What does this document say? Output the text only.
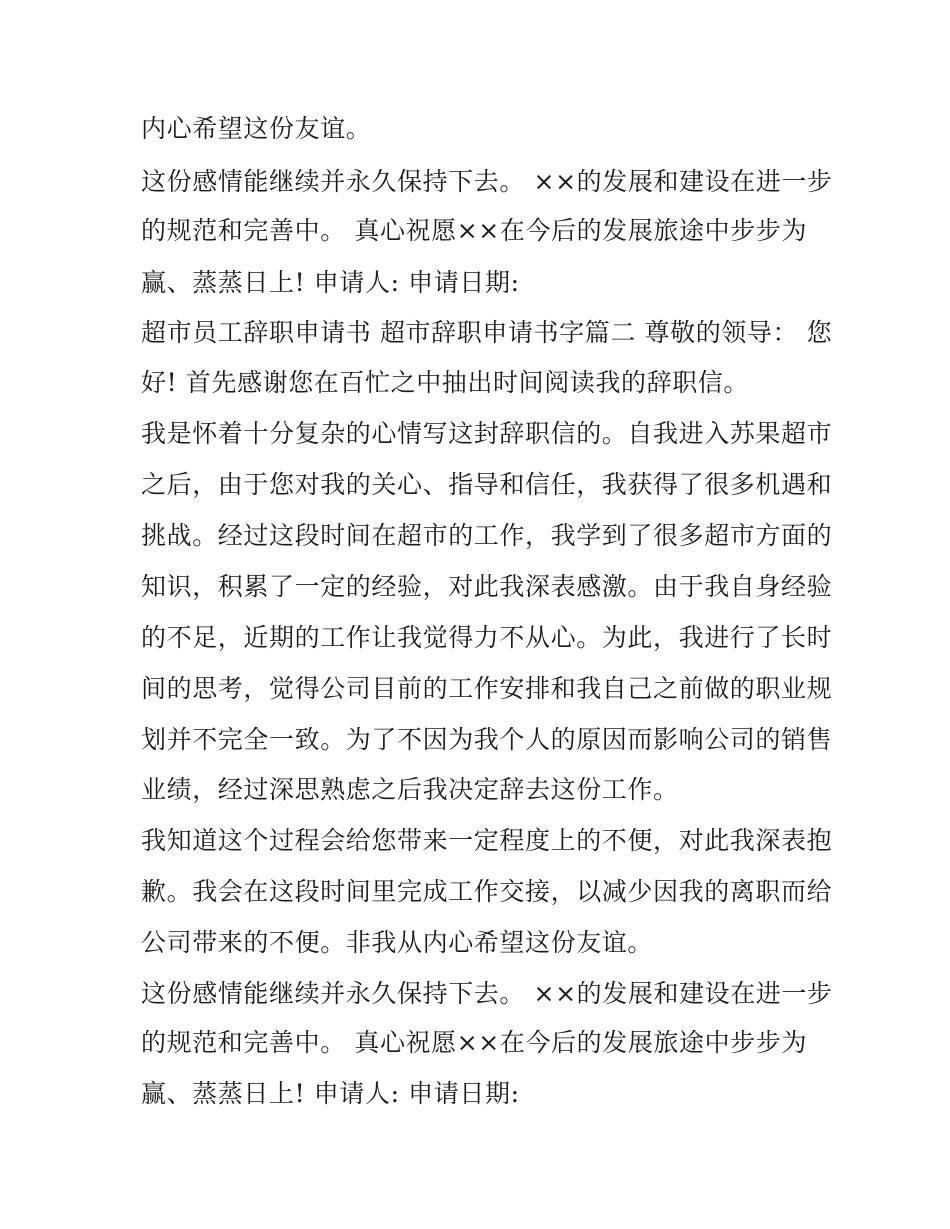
内心希望这份友谊。
这份感情能继续并永久保持下去。 ××的发展和建设在进一步
的规范和完善中。 真心祝愿××在今后的发展旅途中步步为
赢、蒸蒸日上! 申请人: 申请日期:
超市员工辞职申请书 超市辞职申请书字篇二 尊敬的领导： 您
好! 首先感谢您在百忙之中抽出时间阅读我的辞职信。
我是怀着十分复杂的心情写这封辞职信的。自我进入苏果超市
之后，由于您对我的关心、指导和信任，我获得了很多机遇和
挑战。经过这段时间在超市的工作，我学到了很多超市方面的
知识，积累了一定的经验，对此我深表感激。由于我自身经验
的不足，近期的工作让我觉得力不从心。为此，我进行了长时
间的思考，觉得公司目前的工作安排和我自己之前做的职业规
划并不完全一致。为了不因为我个人的原因而影响公司的销售
业绩，经过深思熟虑之后我决定辞去这份工作。
我知道这个过程会给您带来一定程度上的不便，对此我深表抱
歉。我会在这段时间里完成工作交接，以减少因我的离职而给
公司带来的不便。非我从内心希望这份友谊。
这份感情能继续并永久保持下去。 ××的发展和建设在进一步
的规范和完善中。 真心祝愿××在今后的发展旅途中步步为
赢、蒸蒸日上! 申请人: 申请日期:
